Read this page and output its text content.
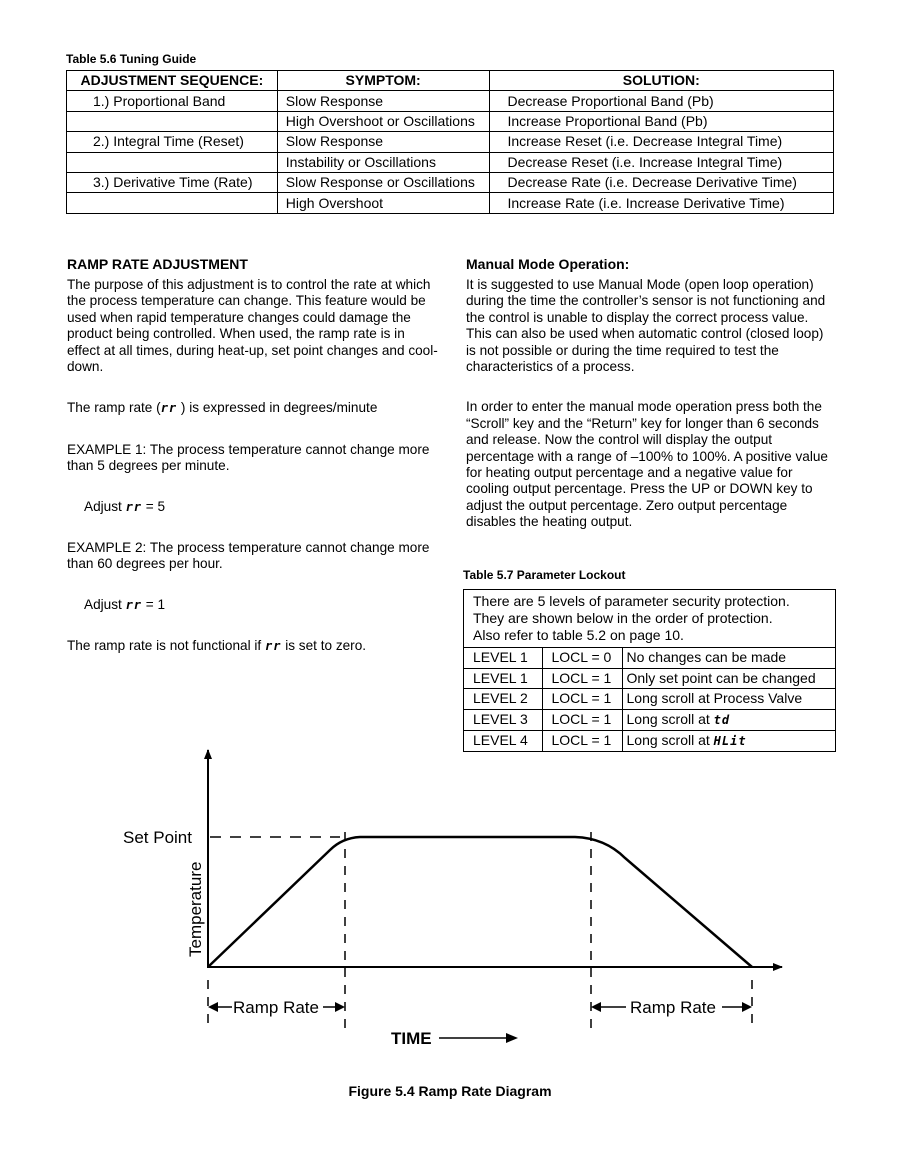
Table 5.6 Tuning Guide
ADJUSTMENT SEQUENCE:	SYMPTOM:	SOLUTION:
1.) Proportional Band	Slow Response	Decrease Proportional Band (Pb)
	High Overshoot or Oscillations	Increase Proportional Band (Pb)
2.) Integral Time (Reset)	Slow Response	Increase Reset (i.e. Decrease Integral Time)
	Instability or Oscillations	Decrease Reset (i.e. Increase Integral Time)
3.) Derivative Time (Rate)	Slow Response or Oscillations	Decrease Rate (i.e. Decrease Derivative Time)
	High Overshoot	Increase Rate (i.e. Increase Derivative Time)
RAMP RATE ADJUSTMENT

The purpose of this adjustment is to control the rate at which the process temperature can change. This feature would be used when rapid temperature changes could damage the product being controlled. When used, the ramp rate is in effect at all times, during heat-up, set point changes and cool-down.

The ramp rate (rr ) is expressed in degrees/minute

EXAMPLE 1: The process temperature cannot change more than 5 degrees per minute.

Adjust rr = 5

EXAMPLE 2: The process temperature cannot change more than 60 degrees per hour.

Adjust rr = 1

The ramp rate is not functional if rr is set to zero.

Manual Mode Operation:

It is suggested to use Manual Mode (open loop operation) during the time the controller’s sensor is not functioning and the control is unable to display the correct process value. This can also be used when automatic control (closed loop) is not possible or during the time required to test the characteristics of a process.

In order to enter the manual mode operation press both the “Scroll” key and the “Return” key for longer than 6 seconds and release. Now the control will display the output percentage with a range of –100% to 100%. A positive value for heating output percentage and a negative value for cooling output percentage. Press the UP or DOWN key to adjust the output percentage. Zero output percentage disables the heating output.

Table 5.7 Parameter Lockout
There are 5 levels of parameter security protection.
They are shown below in the order of protection.
Also refer to table 5.2 on page 10.
LEVEL 1	LOCL = 0	No changes can be made
LEVEL 1	LOCL = 1	Only set point can be changed
LEVEL 2	LOCL = 1	Long scroll at Process Valve
LEVEL 3	LOCL = 1	Long scroll at td
LEVEL 4	LOCL = 1	Long scroll at HLit
Set Point
Temperature
Ramp Rate	Ramp Rate
TIME
Figure 5.4 Ramp Rate Diagram
